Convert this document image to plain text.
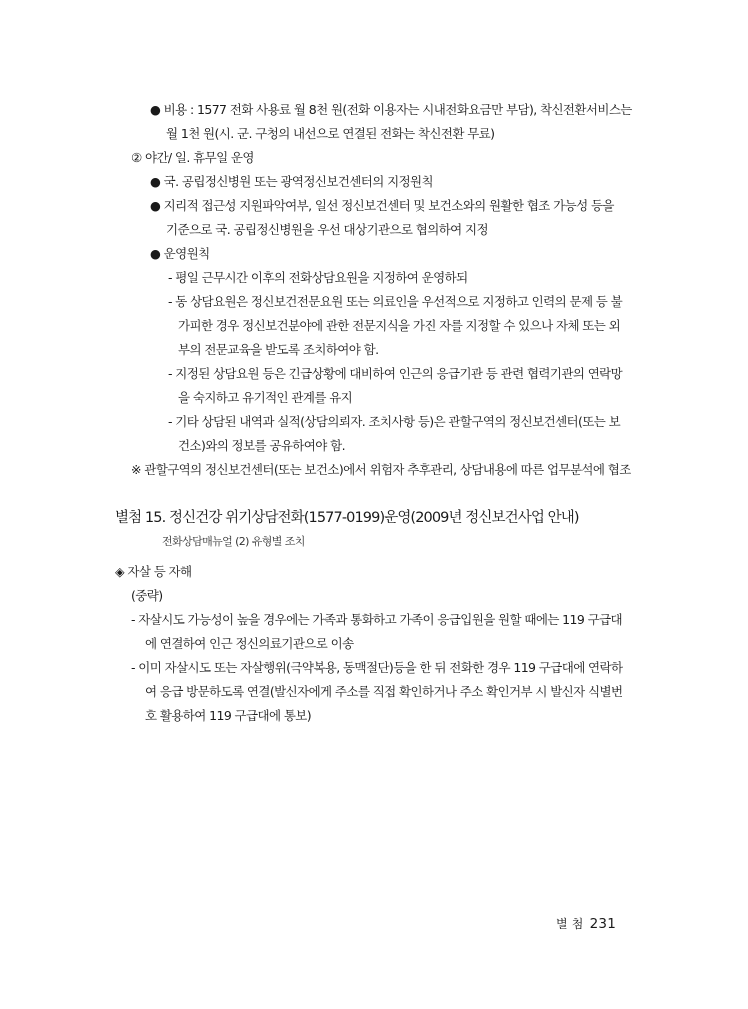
● 비용 : 1577 전화 사용료 월 8천 원(전화 이용자는 시내전화요금만 부담), 착신전환서비스는
월 1천 원(시. 군. 구청의 내선으로 연결된 전화는 착신전환 무료)
② 야간/ 일. 휴무일 운영
● 국. 공립정신병원 또는 광역정신보건센터의 지정원칙
● 지리적 접근성 지원파악여부, 일선 정신보건센터 및 보건소와의 원활한 협조 가능성 등을
기준으로 국. 공립정신병원을 우선 대상기관으로 협의하여 지정
● 운영원칙
- 평일 근무시간 이후의 전화상담요원을 지정하여 운영하되
- 동 상담요원은 정신보건전문요원 또는 의료인을 우선적으로 지정하고 인력의 문제 등 불
가피한 경우 정신보건분야에 관한 전문지식을 가진 자를 지정할 수 있으나 자체 또는 외
부의 전문교육을 받도록 조치하여야 함.
- 지정된 상담요원 등은 긴급상황에 대비하여 인근의 응급기관 등 관련 협력기관의 연락망
을 숙지하고 유기적인 관계를 유지
- 기타 상담된 내역과 실적(상담의뢰자. 조치사항 등)은 관할구역의 정신보건센터(또는 보
건소)와의 정보를 공유하여야 함.
※ 관할구역의 정신보건센터(또는 보건소)에서 위험자 추후관리, 상담내용에 따른 업무분석에 협조
별첨 15. 정신건강 위기상담전화(1577-0199)운영(2009년 정신보건사업 안내)
전화상담매뉴얼 (2) 유형별 조치
◈ 자살 등 자해
(중략)
- 자살시도 가능성이 높을 경우에는 가족과 통화하고 가족이 응급입원을 원할 때에는 119 구급대
에 연결하여 인근 정신의료기관으로 이송
- 이미 자살시도 또는 자살행위(극약복용, 동맥절단)등을 한 뒤 전화한 경우 119 구급대에 연락하
여 응급 방문하도록 연결(발신자에게 주소를 직접 확인하거나 주소 확인거부 시 발신자 식별번
호 활용하여 119 구급대에 통보)
별 첨 231
